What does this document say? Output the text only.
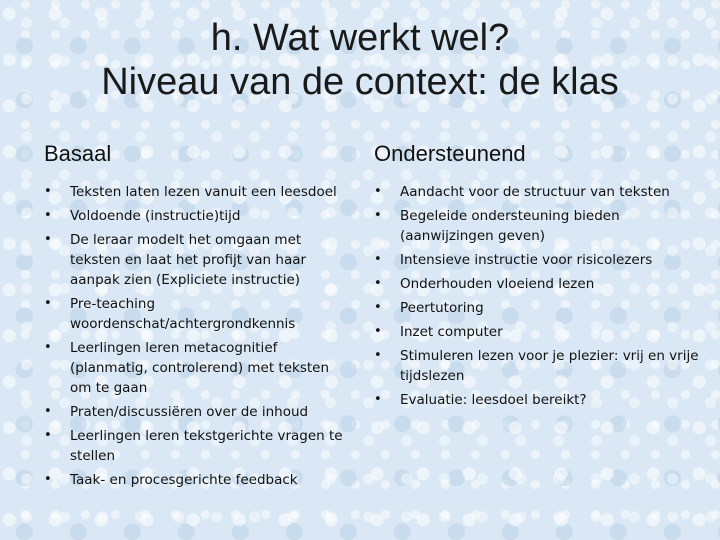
h. Wat werkt wel?
Niveau van de context: de klas
Basaal
• Teksten laten lezen vanuit een leesdoel
• Voldoende (instructie)tijd
• De leraar modelt het omgaan met teksten en laat het profijt van haar aanpak zien (Expliciete instructie)
• Pre-teaching woordenschat/achtergrondkennis
• Leerlingen leren metacognitief (planmatig, controlerend) met teksten om te gaan
• Praten/discussiëren over de inhoud
• Leerlingen leren tekstgerichte vragen te stellen
• Taak- en procesgerichte feedback
Ondersteunend
• Aandacht voor de structuur van teksten
• Begeleide ondersteuning bieden (aanwijzingen geven)
• Intensieve instructie voor risicolezers
• Onderhouden vloeiend lezen
• Peertutoring
• Inzet computer
• Stimuleren lezen voor je plezier: vrij en vrije tijdslezen
• Evaluatie: leesdoel bereikt?
